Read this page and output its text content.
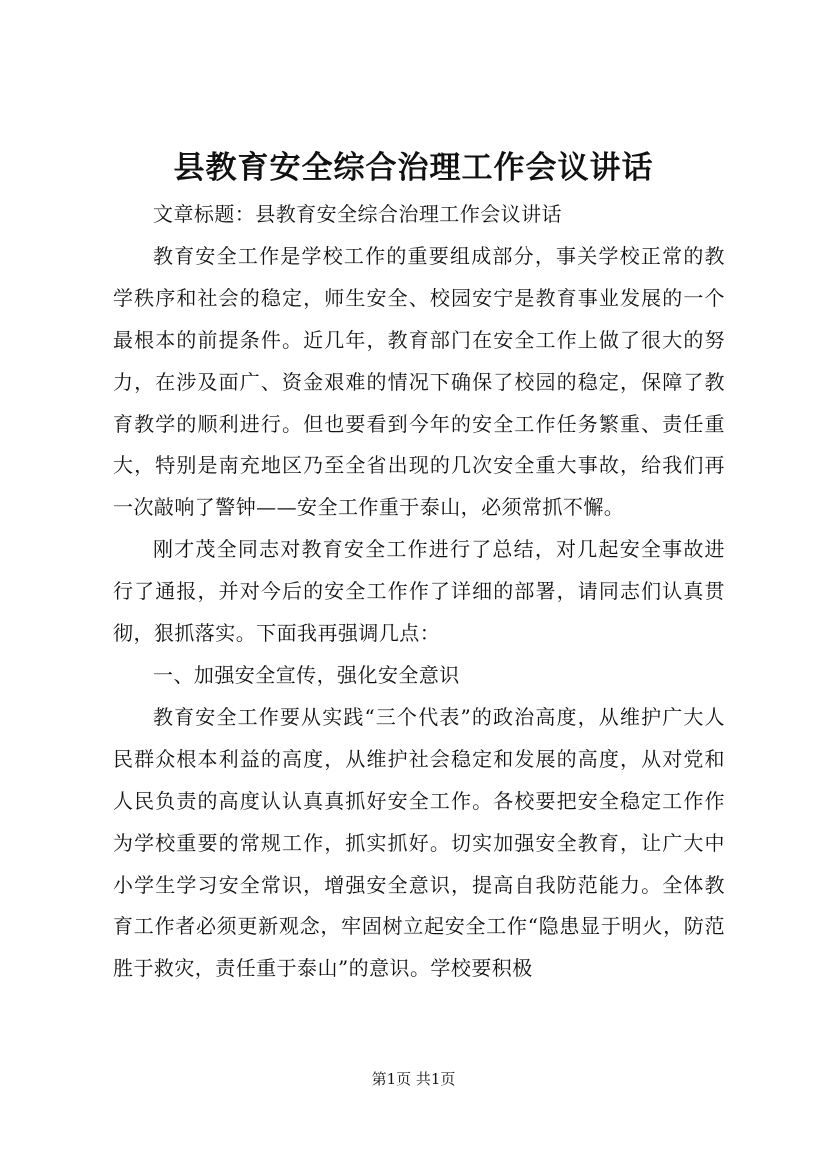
县教育安全综合治理工作会议讲话

文章标题：县教育安全综合治理工作会议讲话

教育安全工作是学校工作的重要组成部分，事关学校正常的教学秩序和社会的稳定，师生安全、校园安宁是教育事业发展的一个最根本的前提条件。近几年，教育部门在安全工作上做了很大的努力，在涉及面广、资金艰难的情况下确保了校园的稳定，保障了教育教学的顺利进行。但也要看到今年的安全工作任务繁重、责任重大，特别是南充地区乃至全省出现的几次安全重大事故，给我们再一次敲响了警钟——安全工作重于泰山，必须常抓不懈。

刚才茂全同志对教育安全工作进行了总结，对几起安全事故进行了通报，并对今后的安全工作作了详细的部署，请同志们认真贯彻，狠抓落实。下面我再强调几点：

一、加强安全宣传，强化安全意识

教育安全工作要从实践“三个代表”的政治高度，从维护广大人民群众根本利益的高度，从维护社会稳定和发展的高度，从对党和人民负责的高度认认真真抓好安全工作。各校要把安全稳定工作作为学校重要的常规工作，抓实抓好。切实加强安全教育，让广大中小学生学习安全常识，增强安全意识，提高自我防范能力。全体教育工作者必须更新观念，牢固树立起安全工作“隐患显于明火，防范胜于救灾，责任重于泰山”的意识。学校要积极

第1页 共1页
